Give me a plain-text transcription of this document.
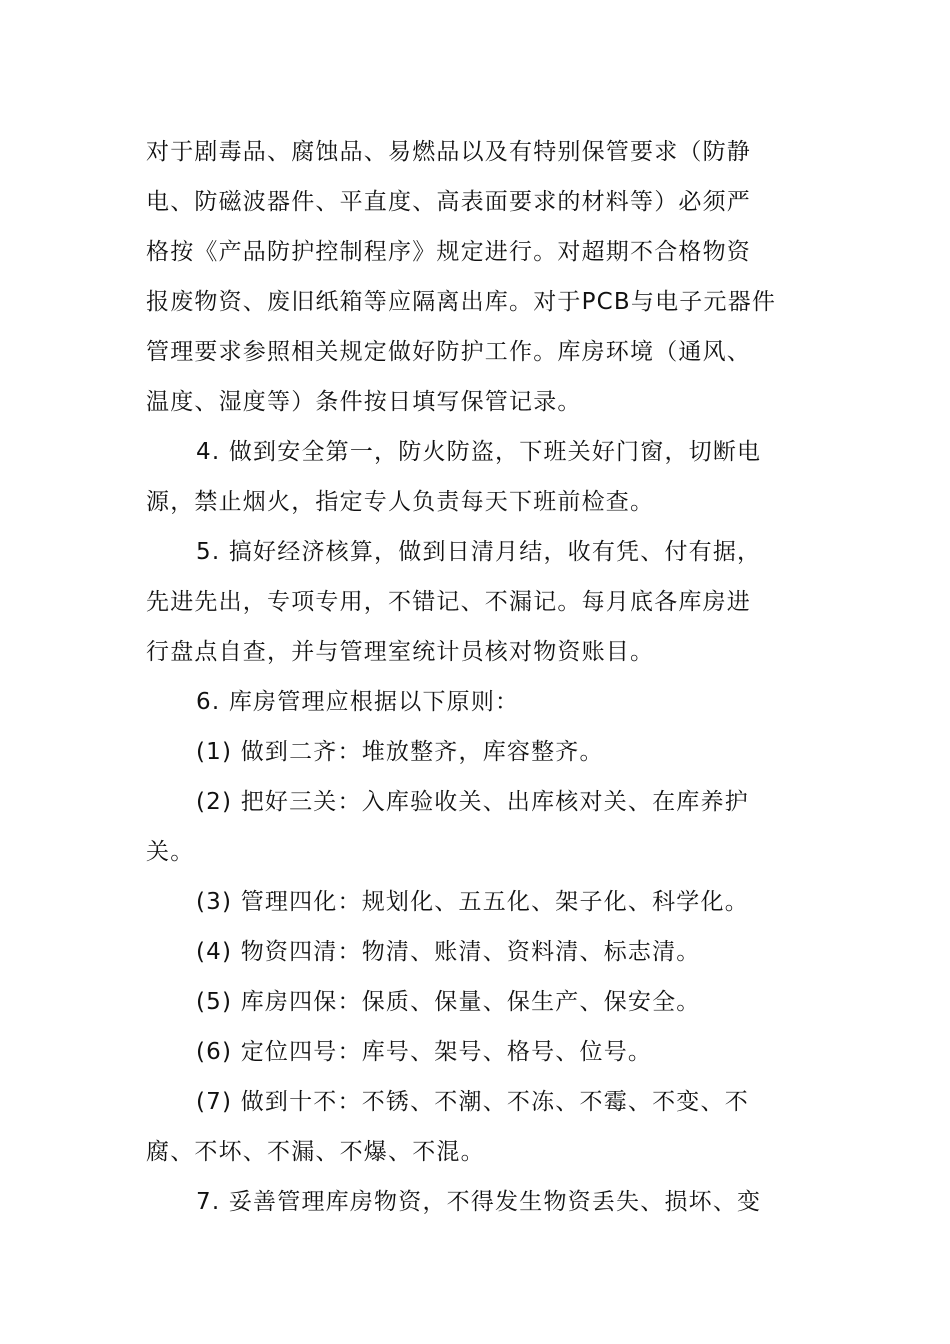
对于剧毒品、腐蚀品、易燃品以及有特别保管要求（防静

电、防磁波器件、平直度、高表面要求的材料等）必须严

格按《产品防护控制程序》规定进行。对超期不合格物资

报废物资、废旧纸箱等应隔离出库。对于PCB与电子元器件

管理要求参照相关规定做好防护工作。库房环境（通风、

温度、湿度等）条件按日填写保管记录。

4. 做到安全第一，防火防盗，下班关好门窗，切断电

源，禁止烟火，指定专人负责每天下班前检查。

5. 搞好经济核算，做到日清月结，收有凭、付有据，

先进先出，专项专用，不错记、不漏记。每月底各库房进

行盘点自查，并与管理室统计员核对物资账目。

6. 库房管理应根据以下原则：

(1) 做到二齐：堆放整齐，库容整齐。

(2) 把好三关：入库验收关、出库核对关、在库养护

关。

(3) 管理四化：规划化、五五化、架子化、科学化。

(4) 物资四清：物清、账清、资料清、标志清。

(5) 库房四保：保质、保量、保生产、保安全。

(6) 定位四号：库号、架号、格号、位号。

(7) 做到十不：不锈、不潮、不冻、不霉、不变、不

腐、不坏、不漏、不爆、不混。

7. 妥善管理库房物资，不得发生物资丢失、损坏、变
